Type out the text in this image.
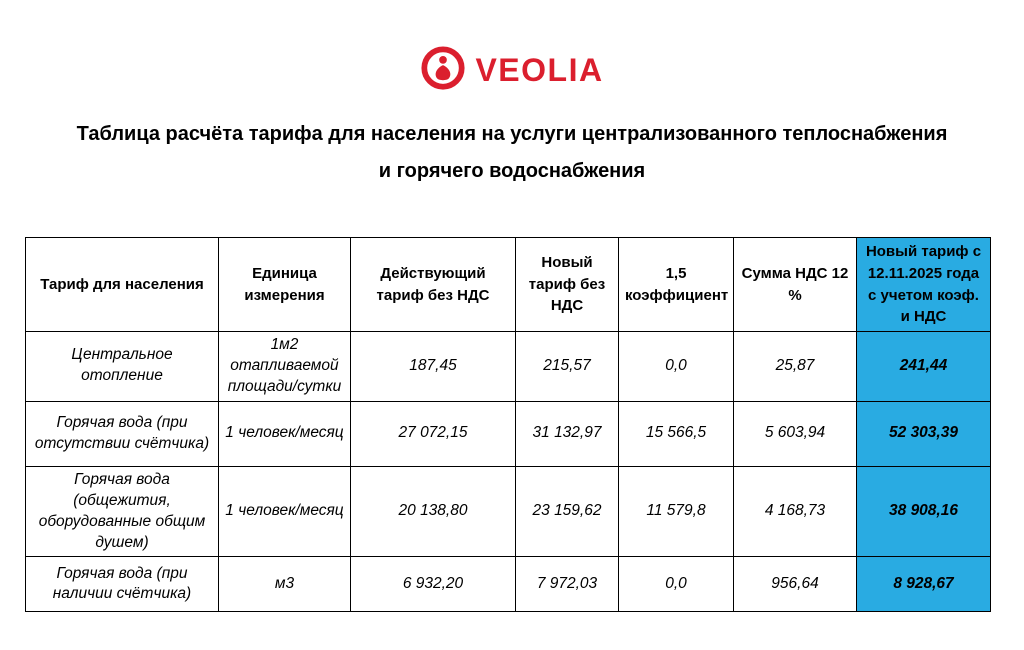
VEOLIA
Таблица расчёта тарифа для населения на услуги централизованного теплоснабжения
и горячего водоснабжения
Тариф для населения	Единица измерения	Действующий тариф без НДС	Новый тариф без НДС	1,5 коэффициент	Сумма НДС 12 %	Новый тариф с 12.11.2025 года с учетом коэф. и НДС
Центральное отопление	1м2 отапливаемой площади/сутки	187,45	215,57	0,0	25,87	241,44
Горячая вода (при отсутствии счётчика)	1 человек/месяц	27 072,15	31 132,97	15 566,5	5 603,94	52 303,39
Горячая вода (общежития, оборудованные общим душем)	1 человек/месяц	20 138,80	23 159,62	11 579,8	4 168,73	38 908,16
Горячая вода (при наличии счётчика)	м3	6 932,20	7 972,03	0,0	956,64	8 928,67
